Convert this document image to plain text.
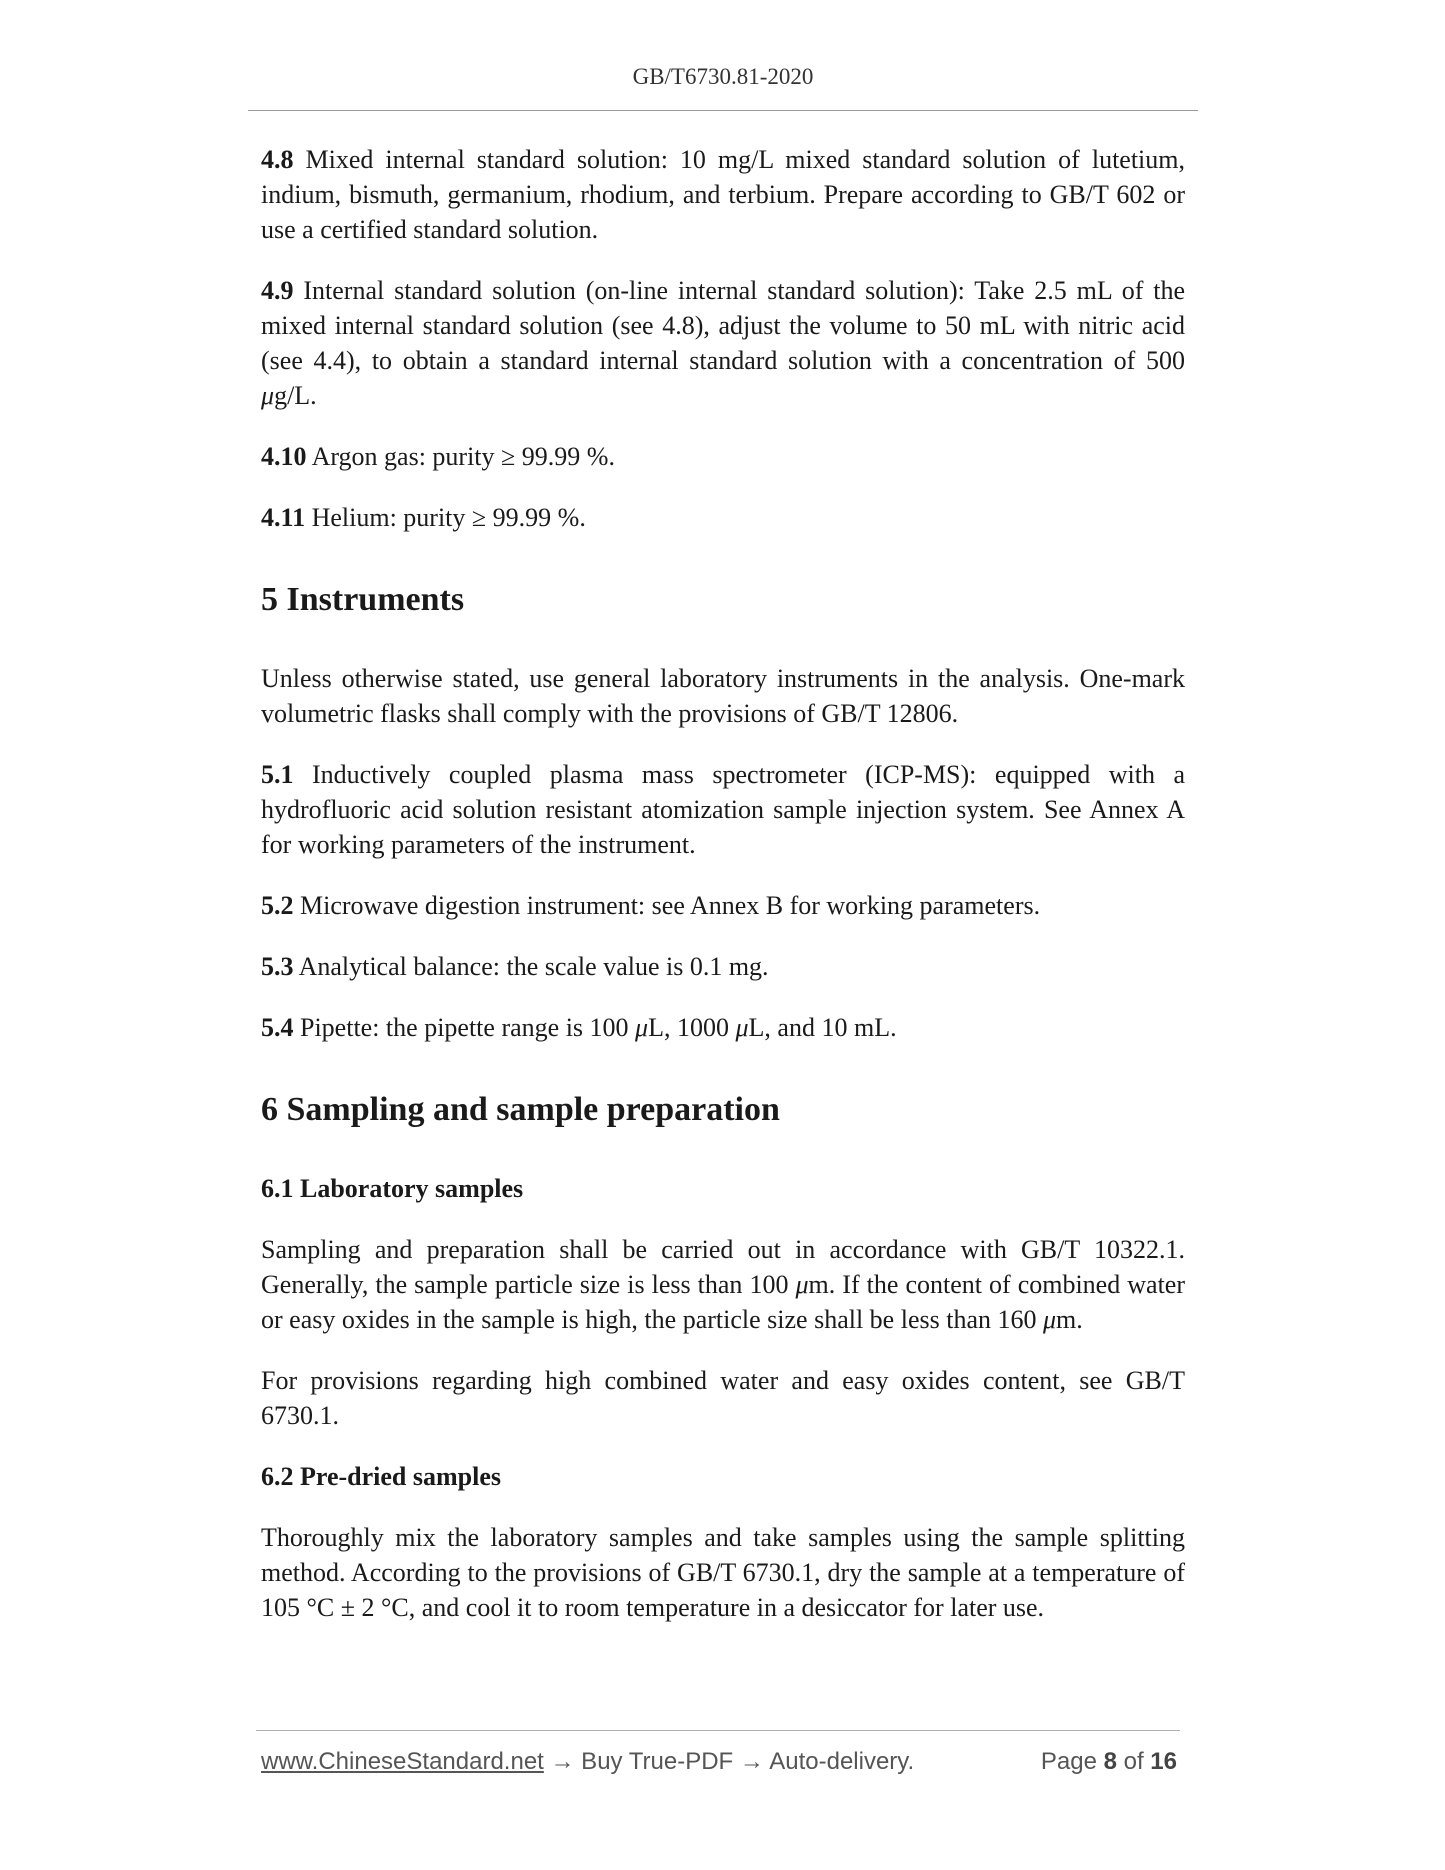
GB/T6730.81-2020

4.8 Mixed internal standard solution: 10 mg/L mixed standard solution of lutetium, indium, bismuth, germanium, rhodium, and terbium. Prepare according to GB/T 602 or use a certified standard solution.

4.9 Internal standard solution (on-line internal standard solution): Take 2.5 mL of the mixed internal standard solution (see 4.8), adjust the volume to 50 mL with nitric acid (see 4.4), to obtain a standard internal standard solution with a concentration of 500 μg/L.

4.10 Argon gas: purity ≥ 99.99 %.

4.11 Helium: purity ≥ 99.99 %.

5 Instruments

Unless otherwise stated, use general laboratory instruments in the analysis. One-mark volumetric flasks shall comply with the provisions of GB/T 12806.

5.1 Inductively coupled plasma mass spectrometer (ICP-MS): equipped with a hydrofluoric acid solution resistant atomization sample injection system. See Annex A for working parameters of the instrument.

5.2 Microwave digestion instrument: see Annex B for working parameters.

5.3 Analytical balance: the scale value is 0.1 mg.

5.4 Pipette: the pipette range is 100 μL, 1000 μL, and 10 mL.

6 Sampling and sample preparation
6.1 Laboratory samples

Sampling and preparation shall be carried out in accordance with GB/T 10322.1. Generally, the sample particle size is less than 100 μm. If the content of combined water or easy oxides in the sample is high, the particle size shall be less than 160 μm.

For provisions regarding high combined water and easy oxides content, see GB/T 6730.1.

6.2 Pre-dried samples

Thoroughly mix the laboratory samples and take samples using the sample splitting method. According to the provisions of GB/T 6730.1, dry the sample at a temperature of 105 °C ± 2 °C, and cool it to room temperature in a desiccator for later use.

www.ChineseStandard.net → Buy True-PDF → Auto-delivery.	Page 8 of 16
